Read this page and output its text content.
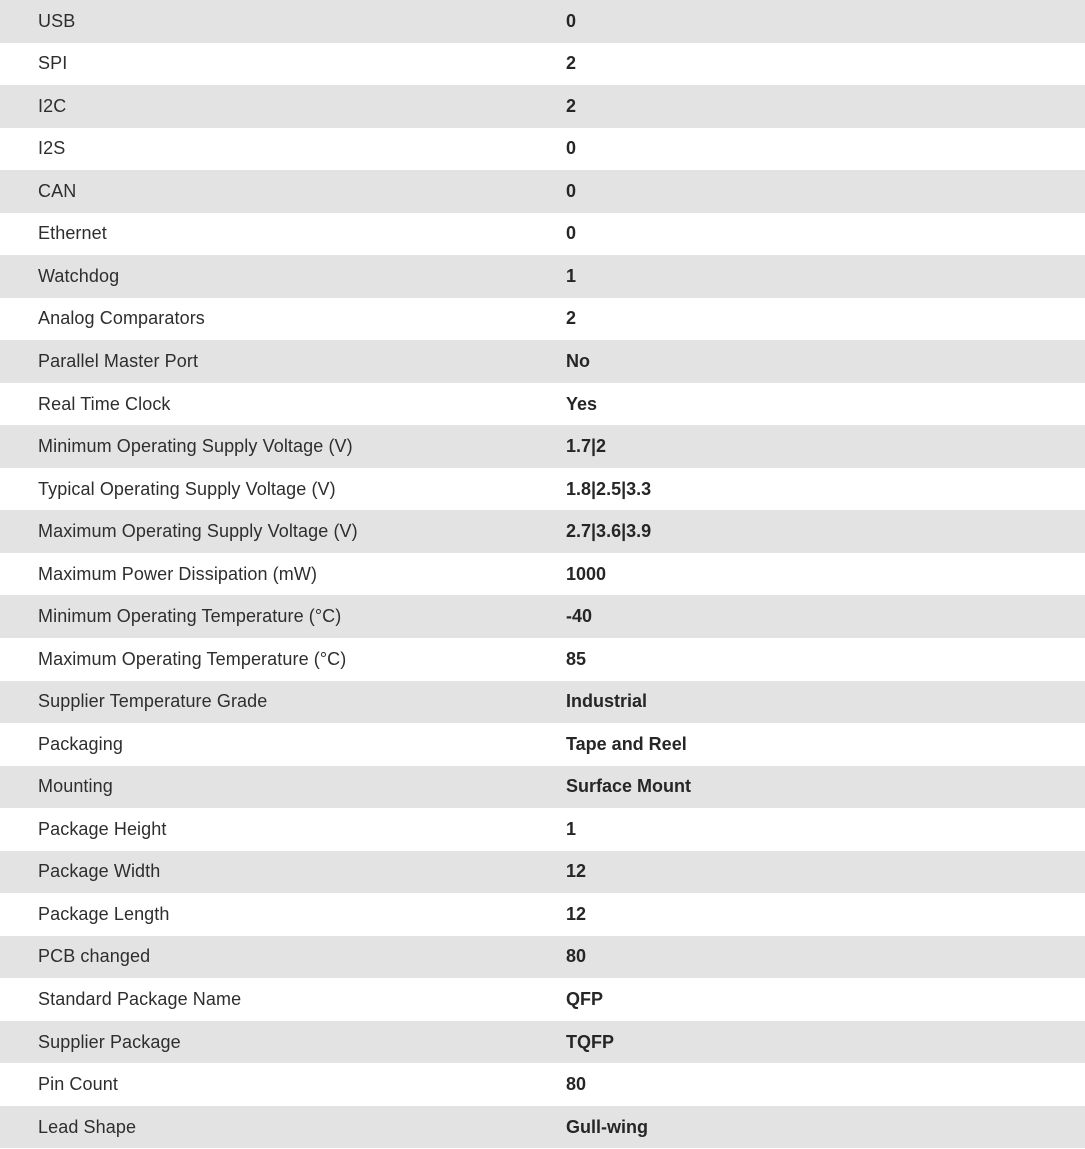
USB	0
SPI	2
I2C	2
I2S	0
CAN	0
Ethernet	0
Watchdog	1
Analog Comparators	2
Parallel Master Port	No
Real Time Clock	Yes
Minimum Operating Supply Voltage (V)	1.7|2
Typical Operating Supply Voltage (V)	1.8|2.5|3.3
Maximum Operating Supply Voltage (V)	2.7|3.6|3.9
Maximum Power Dissipation (mW)	1000
Minimum Operating Temperature (°C)	-40
Maximum Operating Temperature (°C)	85
Supplier Temperature Grade	Industrial
Packaging	Tape and Reel
Mounting	Surface Mount
Package Height	1
Package Width	12
Package Length	12
PCB changed	80
Standard Package Name	QFP
Supplier Package	TQFP
Pin Count	80
Lead Shape	Gull-wing
